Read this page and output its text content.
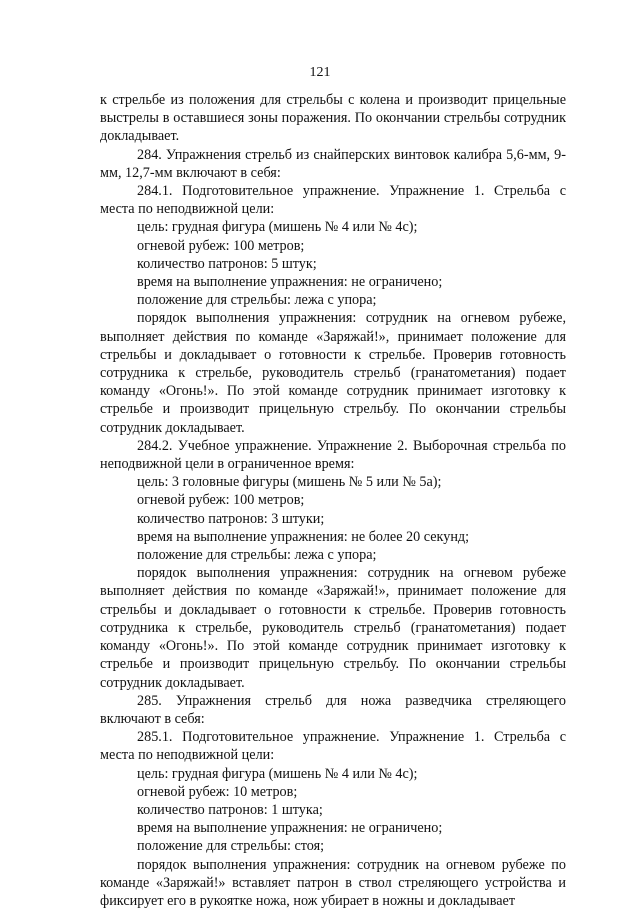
121

к стрельбе из положения для стрельбы с колена и производит прицельные выстрелы в оставшиеся зоны поражения. По окончании стрельбы сотрудник докладывает.

284. Упражнения стрельб из снайперских винтовок калибра 5,6-мм, 9-мм, 12,7-мм включают в себя:

284.1. Подготовительное упражнение. Упражнение 1. Стрельба с места по неподвижной цели:

цель: грудная фигура (мишень № 4 или № 4с);

огневой рубеж: 100 метров;

количество патронов: 5 штук;

время на выполнение упражнения: не ограничено;

положение для стрельбы: лежа с упора;

порядок выполнения упражнения: сотрудник на огневом рубеже, выполняет действия по команде «Заряжай!», принимает положение для стрельбы и докладывает о готовности к стрельбе. Проверив готовность сотрудника к стрельбе, руководитель стрельб (гранатометания) подает команду «Огонь!». По этой команде сотрудник принимает изготовку к стрельбе и производит прицельную стрельбу. По окончании стрельбы сотрудник докладывает.

284.2. Учебное упражнение. Упражнение 2. Выборочная стрельба по неподвижной цели в ограниченное время:

цель: 3 головные фигуры (мишень № 5 или № 5а);

огневой рубеж: 100 метров;

количество патронов: 3 штуки;

время на выполнение упражнения: не более 20 секунд;

положение для стрельбы: лежа с упора;

порядок выполнения упражнения: сотрудник на огневом рубеже выполняет действия по команде «Заряжай!», принимает положение для стрельбы и докладывает о готовности к стрельбе. Проверив готовность сотрудника к стрельбе, руководитель стрельб (гранатометания) подает команду «Огонь!». По этой команде сотрудник принимает изготовку к стрельбе и производит прицельную стрельбу. По окончании стрельбы сотрудник докладывает.

285. Упражнения стрельб для ножа разведчика стреляющего включают в себя:

285.1. Подготовительное упражнение. Упражнение 1. Стрельба с места по неподвижной цели:

цель: грудная фигура (мишень № 4 или № 4с);

огневой рубеж: 10 метров;

количество патронов: 1 штука;

время на выполнение упражнения: не ограничено;

положение для стрельбы: стоя;

порядок выполнения упражнения: сотрудник на огневом рубеже по команде «Заряжай!» вставляет патрон в ствол стреляющего устройства и фиксирует его в рукоятке ножа, нож убирает в ножны и докладывает
